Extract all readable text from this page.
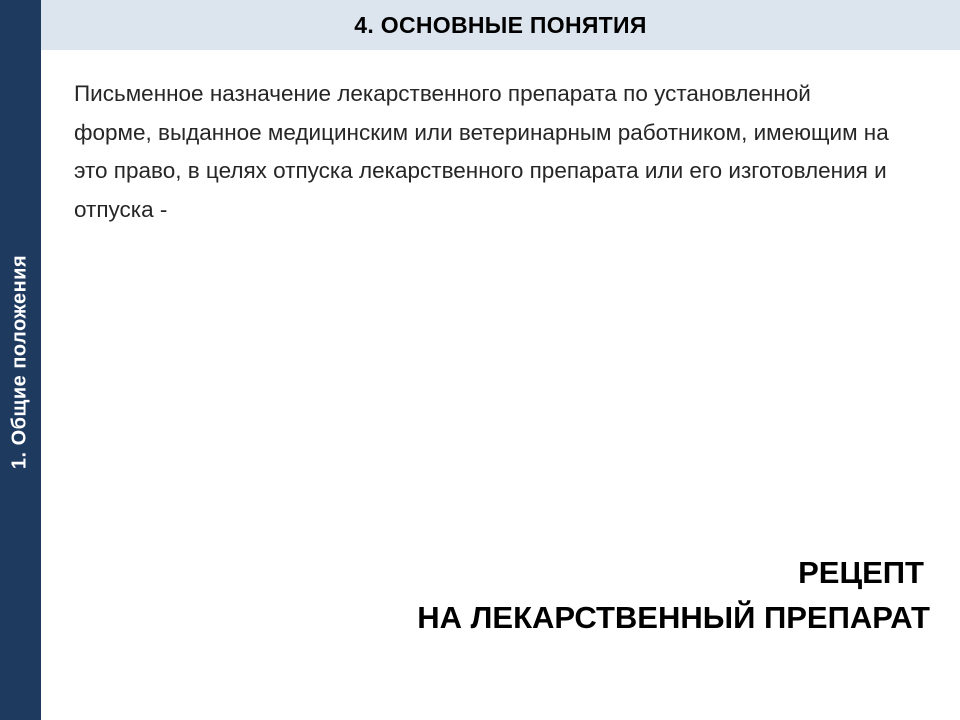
1. Общие положения
4. ОСНОВНЫЕ ПОНЯТИЯ
Письменное назначение лекарственного препарата по установленной форме, выданное медицинским или ветеринарным работником, имеющим на это право, в целях отпуска лекарственного препарата или его изготовления и отпуска -
РЕЦЕПТ
НА ЛЕКАРСТВЕННЫЙ ПРЕПАРАТ
